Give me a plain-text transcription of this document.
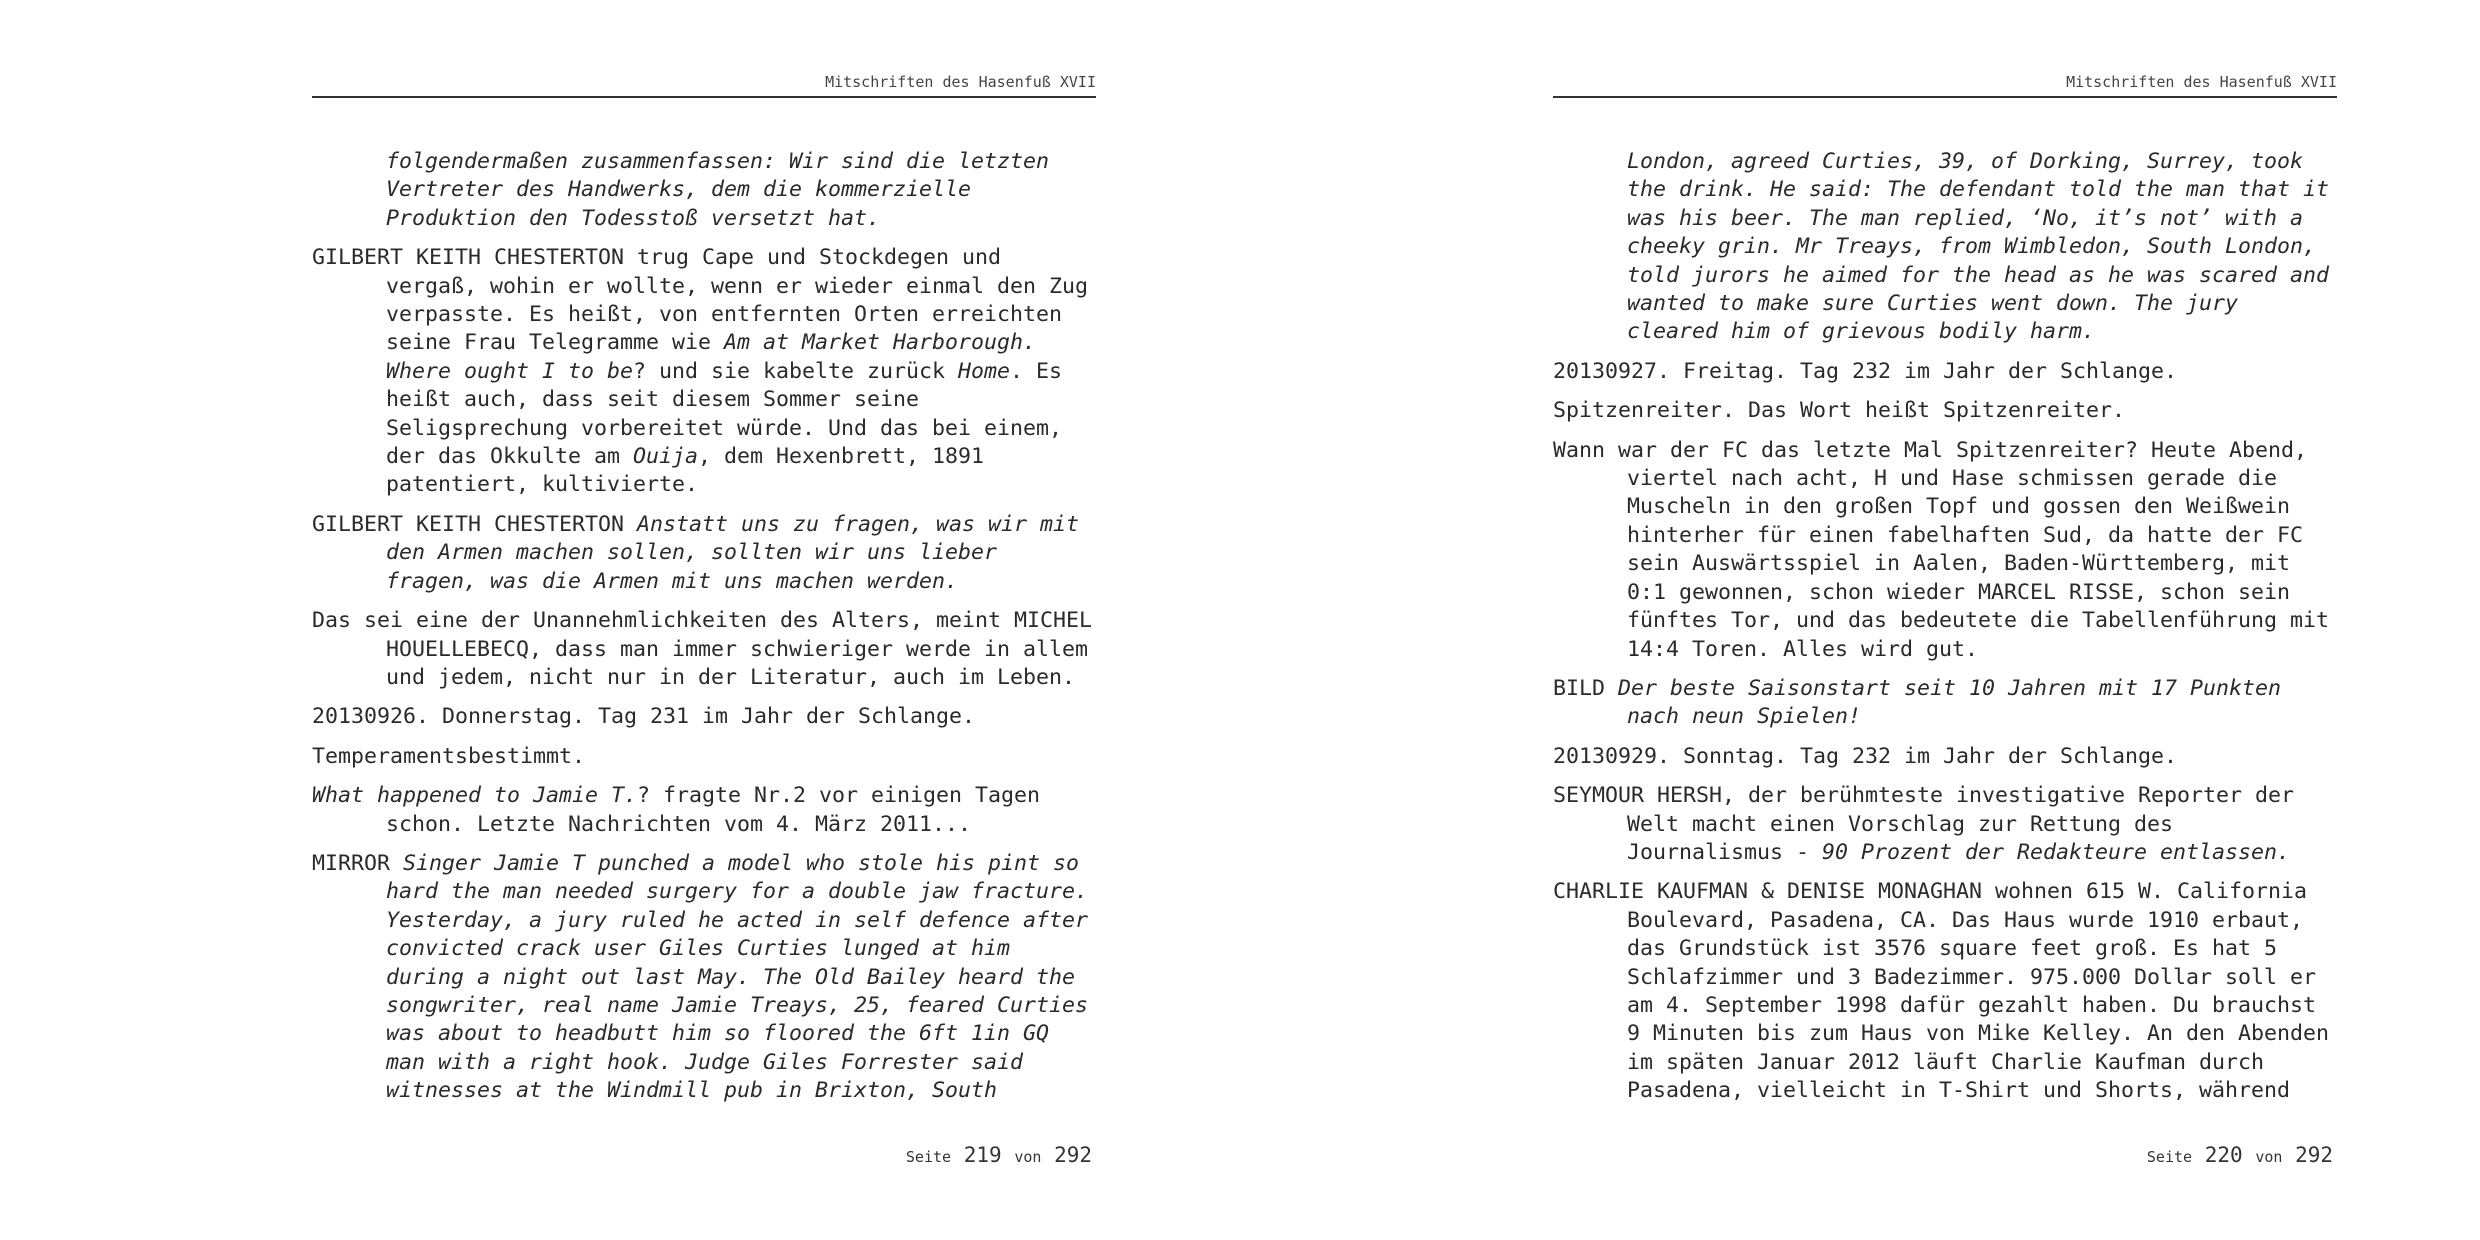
Mitschriften des Hasenfuß XVII

folgendermaßen zusammenfassen: Wir sind die letzten Vertreter des Handwerks, dem die kommerzielle Produktion den Todesstoß versetzt hat.

GILBERT KEITH CHESTERTON trug Cape und Stockdegen und vergaß, wohin er wollte, wenn er wieder einmal den Zug verpasste. Es heißt, von entfernten Orten erreichten seine Frau Telegramme wie Am at Market Harborough. Where ought I to be? und sie kabelte zurück Home. Es heißt auch, dass seit diesem Sommer seine Seligsprechung vorbereitet würde. Und das bei einem, der das Okkulte am Ouija, dem Hexenbrett, 1891 patentiert, kultivierte.

GILBERT KEITH CHESTERTON Anstatt uns zu fragen, was wir mit den Armen machen sollen, sollten wir uns lieber fragen, was die Armen mit uns machen werden.

Das sei eine der Unannehmlichkeiten des Alters, meint MICHEL HOUELLEBECQ, dass man immer schwieriger werde in allem und jedem, nicht nur in der Literatur, auch im Leben.

20130926. Donnerstag. Tag 231 im Jahr der Schlange.

Temperamentsbestimmt.

What happened to Jamie T.? fragte Nr.2 vor einigen Tagen schon. Letzte Nachrichten vom 4. März 2011...

MIRROR Singer Jamie T punched a model who stole his pint so hard the man needed surgery for a double jaw fracture. Yesterday, a jury ruled he acted in self defence after convicted crack user Giles Curties lunged at him during a night out last May. The Old Bailey heard the songwriter, real name Jamie Treays, 25, feared Curties was about to headbutt him so floored the 6ft 1in GQ man with a right hook. Judge Giles Forrester said witnesses at the Windmill pub in Brixton, South

Seite 219 von 292
Mitschriften des Hasenfuß XVII

London, agreed Curties, 39, of Dorking, Surrey, took the drink. He said: The defendant told the man that it was his beer. The man replied, ‘No, it’s not’ with a cheeky grin. Mr Treays, from Wimbledon, South London, told jurors he aimed for the head as he was scared and wanted to make sure Curties went down. The jury cleared him of grievous bodily harm.

20130927. Freitag. Tag 232 im Jahr der Schlange.

Spitzenreiter. Das Wort heißt Spitzenreiter.

Wann war der FC das letzte Mal Spitzenreiter? Heute Abend, viertel nach acht, H und Hase schmissen gerade die Muscheln in den großen Topf und gossen den Weißwein hinterher für einen fabelhaften Sud, da hatte der FC sein Auswärtsspiel in Aalen, Baden-Württemberg, mit 0:1 gewonnen, schon wieder MARCEL RISSE, schon sein fünftes Tor, und das bedeutete die Tabellenführung mit 14:4 Toren. Alles wird gut.

BILD Der beste Saisonstart seit 10 Jahren mit 17 Punkten nach neun Spielen!

20130929. Sonntag. Tag 232 im Jahr der Schlange.

SEYMOUR HERSH, der berühmteste investigative Reporter der Welt macht einen Vorschlag zur Rettung des Journalismus - 90 Prozent der Redakteure entlassen.

CHARLIE KAUFMAN & DENISE MONAGHAN wohnen 615 W. California Boulevard, Pasadena, CA. Das Haus wurde 1910 erbaut, das Grundstück ist 3576 square feet groß. Es hat 5 Schlafzimmer und 3 Badezimmer. 975.000 Dollar soll er am 4. September 1998 dafür gezahlt haben. Du brauchst 9 Minuten bis zum Haus von Mike Kelley. An den Abenden im späten Januar 2012 läuft Charlie Kaufman durch Pasadena, vielleicht in T-Shirt und Shorts, während

Seite 220 von 292
